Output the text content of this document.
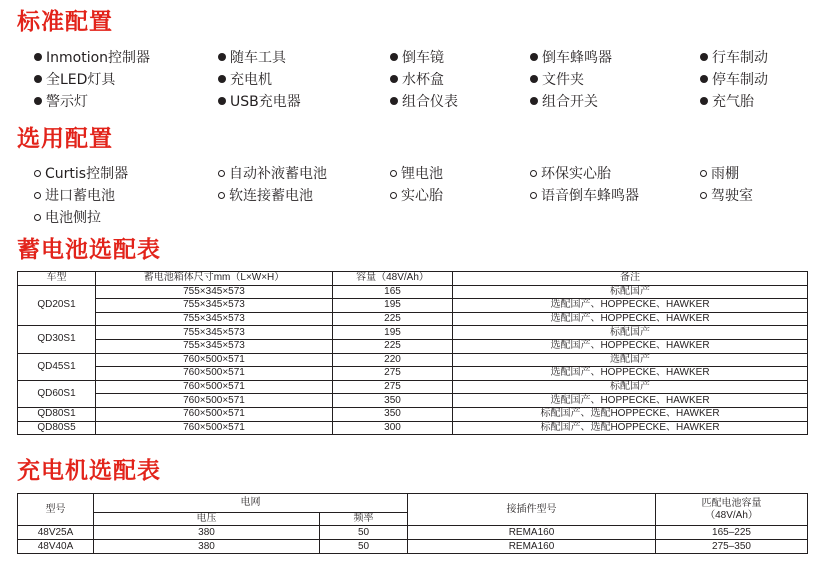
标准配置
Inmotion控制器	随车工具	倒车镜	倒车蜂鸣器	行车制动
全LED灯具	充电机	水杯盒	文件夹	停车制动
警示灯	USB充电器	组合仪表	组合开关	充气胎
选用配置
Curtis控制器	自动补液蓄电池	锂电池	环保实心胎	雨棚
进口蓄电池	软连接蓄电池	实心胎	语音倒车蜂鸣器	驾驶室
电池侧拉
蓄电池选配表
车型	蓄电池箱体尺寸mm（L×W×H）	容量（48V/Ah）	备注
QD20S1	755×345×573	165	标配国产
	755×345×573	195	选配国产、HOPPECKE、HAWKER
	755×345×573	225	选配国产、HOPPECKE、HAWKER
QD30S1	755×345×573	195	标配国产
	755×345×573	225	选配国产、HOPPECKE、HAWKER
QD45S1	760×500×571	220	选配国产
	760×500×571	275	选配国产、HOPPECKE、HAWKER
QD60S1	760×500×571	275	标配国产
	760×500×571	350	选配国产、HOPPECKE、HAWKER
QD80S1	760×500×571	350	标配国产、选配HOPPECKE、HAWKER
QD80S5	760×500×571	300	标配国产、选配HOPPECKE、HAWKER
充电机选配表
型号	电网		接插件型号	匹配电池容量
（48V/Ah）

	电压	频率		
48V25A	380	50	REMA160	165–225
48V40A	380	50	REMA160	275–350
